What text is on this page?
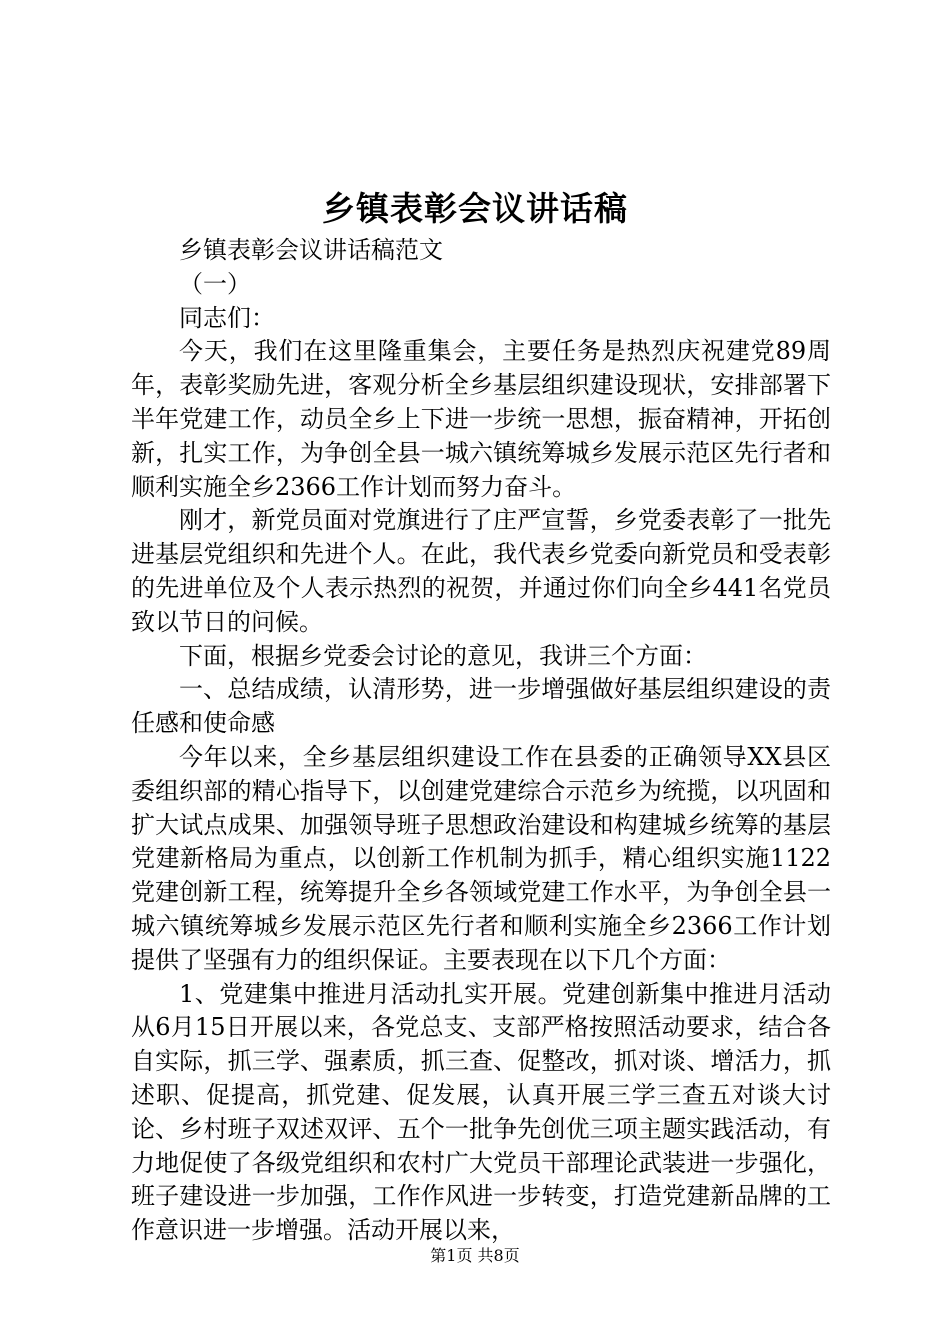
乡镇表彰会议讲话稿

乡镇表彰会议讲话稿范文

（一）

同志们：

今天，我们在这里隆重集会，主要任务是热烈庆祝建党89周年，表彰奖励先进，客观分析全乡基层组织建设现状，安排部署下半年党建工作，动员全乡上下进一步统一思想，振奋精神，开拓创新，扎实工作，为争创全县一城六镇统筹城乡发展示范区先行者和顺利实施全乡2366工作计划而努力奋斗。

刚才，新党员面对党旗进行了庄严宣誓，乡党委表彰了一批先进基层党组织和先进个人。在此，我代表乡党委向新党员和受表彰的先进单位及个人表示热烈的祝贺，并通过你们向全乡441名党员致以节日的问候。

下面，根据乡党委会讨论的意见，我讲三个方面：

一、总结成绩，认清形势，进一步增强做好基层组织建设的责任感和使命感

今年以来，全乡基层组织建设工作在县委的正确领导XX县区委组织部的精心指导下，以创建党建综合示范乡为统揽，以巩固和扩大试点成果、加强领导班子思想政治建设和构建城乡统筹的基层党建新格局为重点，以创新工作机制为抓手，精心组织实施1122党建创新工程，统筹提升全乡各领域党建工作水平，为争创全县一城六镇统筹城乡发展示范区先行者和顺利实施全乡2366工作计划提供了坚强有力的组织保证。主要表现在以下几个方面：

1、党建集中推进月活动扎实开展。党建创新集中推进月活动从6月15日开展以来，各党总支、支部严格按照活动要求，结合各自实际，抓三学、强素质，抓三查、促整改，抓对谈、增活力，抓述职、促提高，抓党建、促发展，认真开展三学三查五对谈大讨论、乡村班子双述双评、五个一批争先创优三项主题实践活动，有力地促使了各级党组织和农村广大党员干部理论武装进一步强化，班子建设进一步加强，工作作风进一步转变，打造党建新品牌的工作意识进一步增强。活动开展以来，

第1页 共8页
